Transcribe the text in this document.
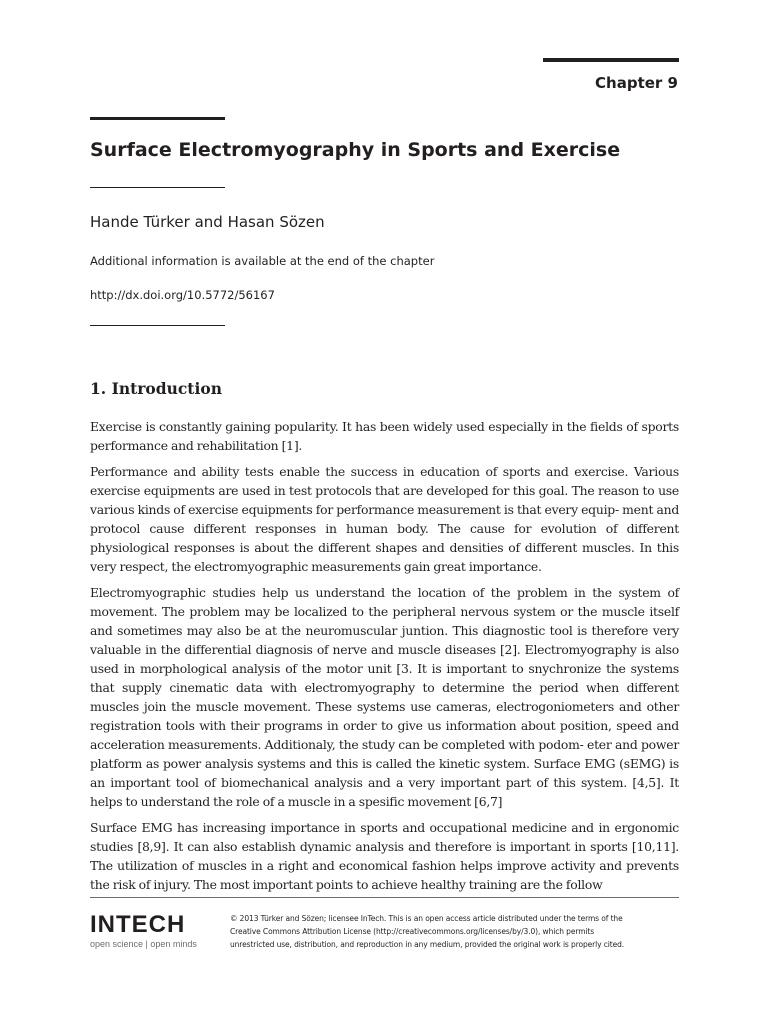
Chapter 9
Surface Electromyography in Sports and Exercise
Hande Türker and Hasan Sözen
Additional information is available at the end of the chapter
http://dx.doi.org/10.5772/56167
1. Introduction

Exercise is constantly gaining popularity. It has been widely used especially in the fields of sports performance and rehabilitation [1].

Performance and ability tests enable the success in education of sports and exercise. Various exercise equipments are used in test protocols that are developed for this goal. The reason to use various kinds of exercise equipments for performance measurement is that every equip‐ ment and protocol cause different responses in human body. The cause for evolution of different physiological responses is about the different shapes and densities of different muscles. In this very respect, the electromyographic measurements gain great importance.

Electromyographic studies help us understand the location of the problem in the system of movement. The problem may be localized to the peripheral nervous system or the muscle itself and sometimes may also be at the neuromuscular juntion. This diagnostic tool is therefore very valuable in the differential diagnosis of nerve and muscle diseases [2]. Electromyography is also used in morphological analysis of the motor unit [3. It is important to snychronize the systems that supply cinematic data with electromyography to determine the period when different muscles join the muscle movement. These systems use cameras, electrogoniometers and other registration tools with their programs in order to give us information about position, speed and acceleration measurements. Additionaly, the study can be completed with podom‐ eter and power platform as power analysis systems and this is called the kinetic system. Surface EMG (sEMG) is an important tool of biomechanical analysis and a very important part of this system. [4,5]. It helps to understand the role of a muscle in a spesific movement [6,7]

Surface EMG has increasing importance in sports and occupational medicine and in ergonomic studies [8,9]. It can also establish dynamic analysis and therefore is important in sports [10,11]. The utilization of muscles in a right and economical fashion helps improve activity and prevents the risk of injury. The most important points to achieve healthy training are the follow

INTECH
open science | open minds
© 2013 Türker and Sözen; licensee InTech. This is an open access article distributed under the terms of the
Creative Commons Attribution License (http://creativecommons.org/licenses/by/3.0), which permits
unrestricted use, distribution, and reproduction in any medium, provided the original work is properly cited.
